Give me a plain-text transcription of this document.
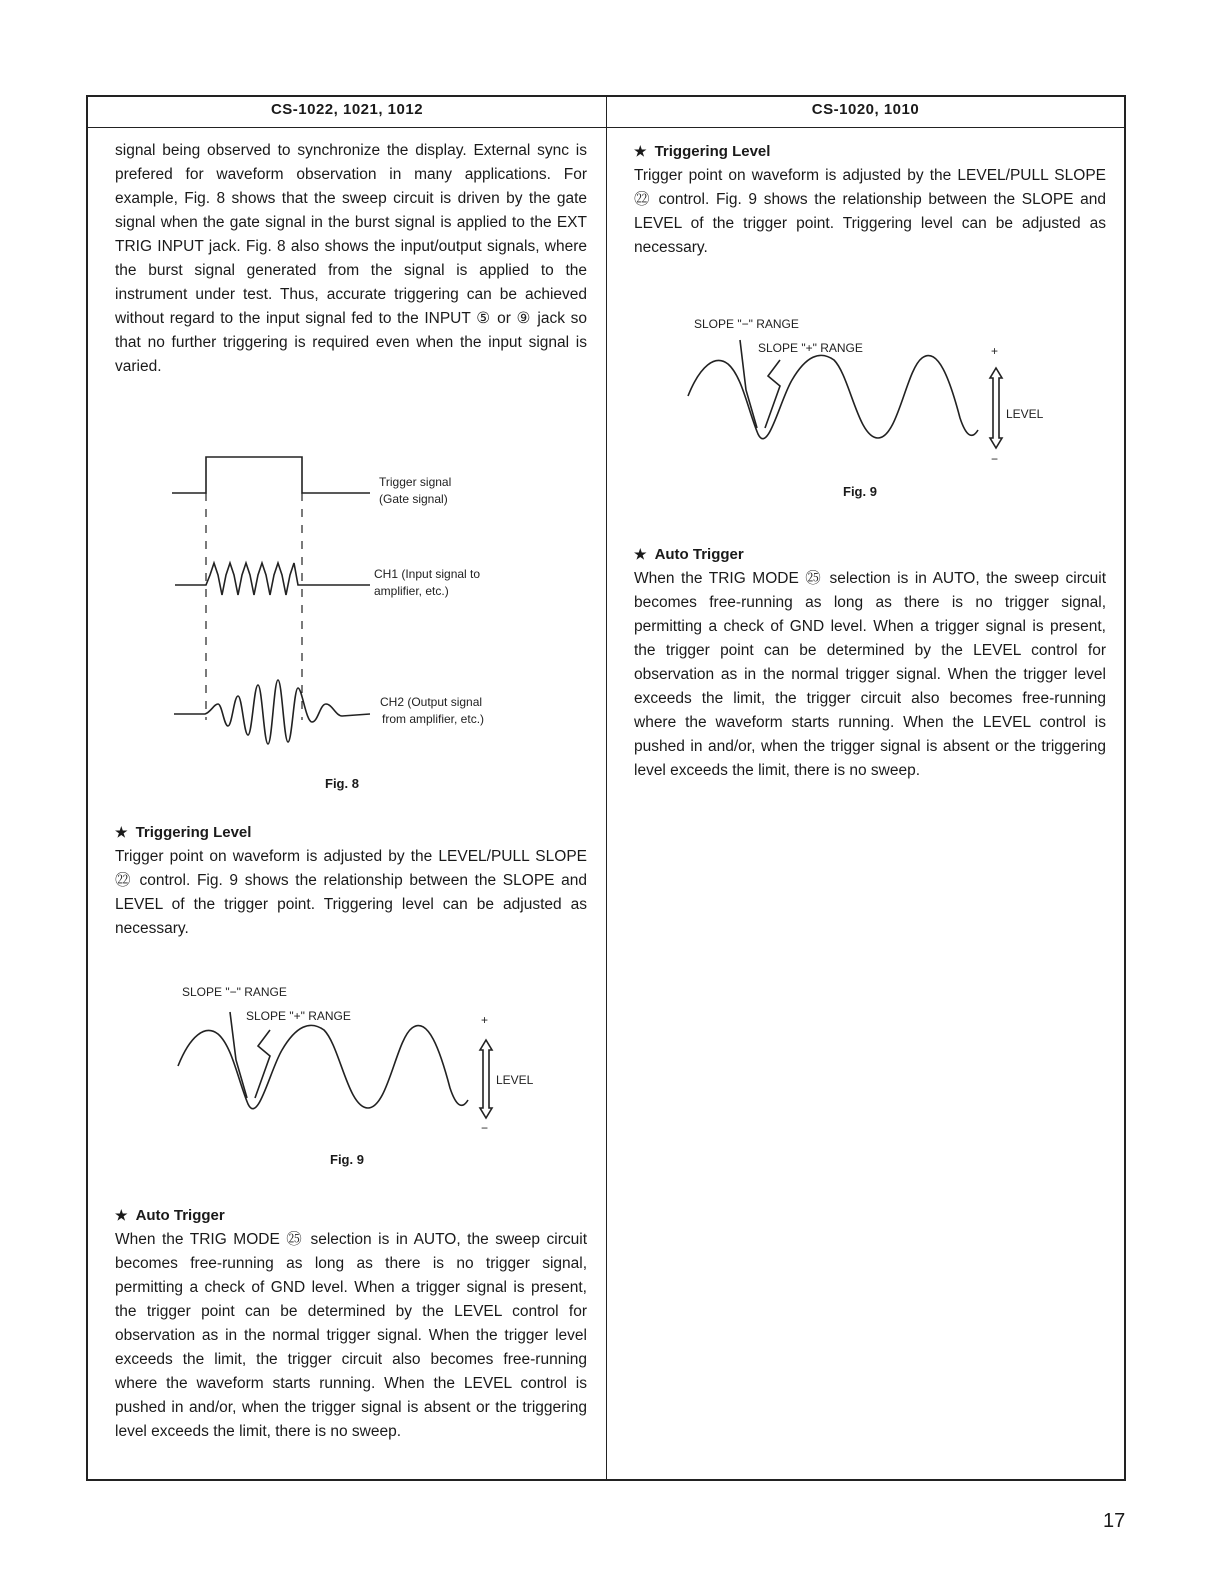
CS-1022, 1021, 1012	CS-1020, 1010

signal being observed to synchronize the display. External sync is prefered for waveform observation in many applications. For example, Fig. 8 shows that the sweep circuit is driven by the gate signal when the gate signal in the burst signal is applied to the EXT TRIG INPUT jack. Fig. 8 also shows the input/output signals, where the burst signal generated from the signal is applied to the instrument under test. Thus, accurate triggering can be achieved without regard to the input signal fed to the INPUT ⑤ or ⑨ jack so that no further triggering is required even when the input signal is varied.

Trigger signal
(Gate signal)
CH1 (Input signal to
amplifier, etc.)
CH2 (Output signal
from amplifier, etc.)
Fig. 8

★ Triggering Level

Trigger point on waveform is adjusted by the LEVEL/PULL SLOPE ㉒ control. Fig. 9 shows the relationship between the SLOPE and LEVEL of the trigger point. Triggering level can be adjusted as necessary.

SLOPE "−" RANGE
SLOPE "+" RANGE	+
−
LEVEL
Fig. 9

★ Auto Trigger

When the TRIG MODE ㉕ selection is in AUTO, the sweep circuit becomes free-running as long as there is no trigger signal, permitting a check of GND level. When a trigger signal is present, the trigger point can be determined by the LEVEL control for observation as in the normal trigger signal. When the trigger level exceeds the limit, the trigger circuit also becomes free-running where the waveform starts running. When the LEVEL control is pushed in and/or, when the trigger signal is absent or the triggering level exceeds the limit, there is no sweep.

★ Triggering Level

Trigger point on waveform is adjusted by the LEVEL/PULL SLOPE ㉒ control. Fig. 9 shows the relationship between the SLOPE and LEVEL of the trigger point. Triggering level can be adjusted as necessary.

SLOPE "−" RANGE
SLOPE "+" RANGE	+
−
LEVEL
Fig. 9

★ Auto Trigger

When the TRIG MODE ㉕ selection is in AUTO, the sweep circuit becomes free-running as long as there is no trigger signal, permitting a check of GND level. When a trigger signal is present, the trigger point can be determined by the LEVEL control for observation as in the normal trigger signal. When the trigger level exceeds the limit, the trigger circuit also becomes free-running where the waveform starts running. When the LEVEL control is pushed in and/or, when the trigger signal is absent or the triggering level exceeds the limit, there is no sweep.

17
